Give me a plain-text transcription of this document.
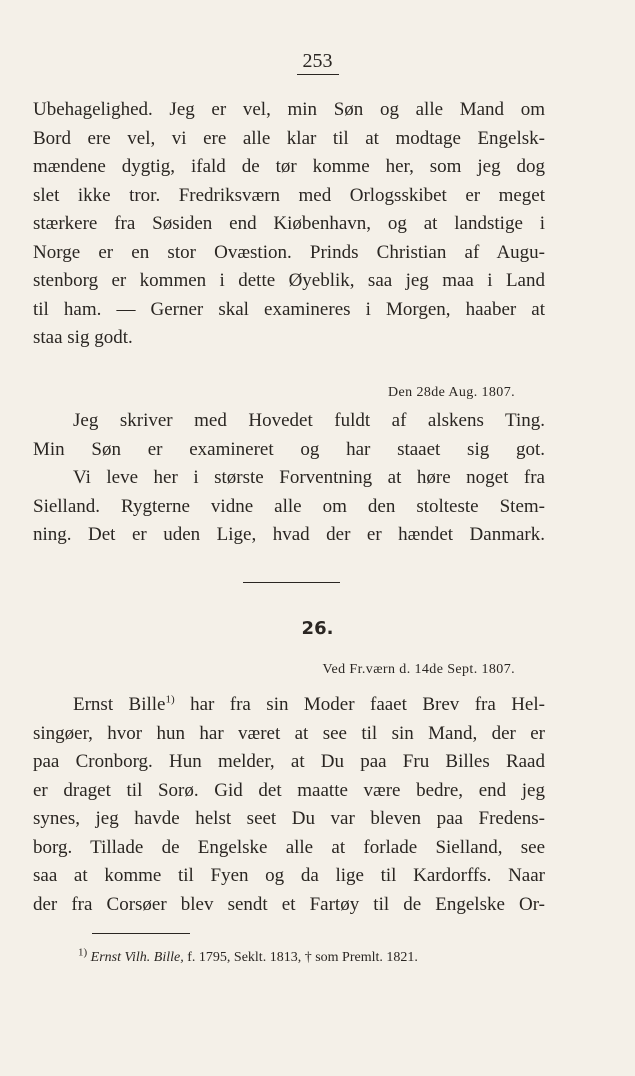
253
Ubehagelighed. Jeg er vel, min Søn og alle Mand om
Bord ere vel, vi ere alle klar til at modtage Engelsk-
mændene dygtig, ifald de tør komme her, som jeg dog
slet ikke tror. Fredriksværn med Orlogsskibet er meget
stærkere fra Søsiden end Kiøbenhavn, og at landstige i
Norge er en stor Ovæstion. Prinds Christian af Augu-
stenborg er kommen i dette Øyeblik, saa jeg maa i Land
til ham. — Gerner skal examineres i Morgen, haaber at
staa sig godt.
Den 28de Aug. 1807.
Jeg skriver med Hovedet fuldt af alskens Ting.
Min Søn er examineret og har staaet sig got.
Vi leve her i største Forventning at høre noget fra
Sielland. Rygterne vidne alle om den stolteste Stem-
ning. Det er uden Lige, hvad der er hændet Danmark.
26.
Ved Fr.værn d. 14de Sept. 1807.
Ernst Bille$^{1)}$ har fra sin Moder faaet Brev fra Hel-
singøer, hvor hun har været at see til sin Mand, der er
paa Cronborg. Hun melder, at Du paa Fru Billes Raad
er draget til Sorø. Gid det maatte være bedre, end jeg
synes, jeg havde helst seet Du var bleven paa Fredens-
borg. Tillade de Engelske alle at forlade Sielland, see
saa at komme til Fyen og da lige til Kardorffs. Naar
der fra Corsøer blev sendt et Fartøy til de Engelske Or-
$^{1)}$ Ernst Vilh. Bille, f. 1795, Seklt. 1813, † som Premlt. 1821.
